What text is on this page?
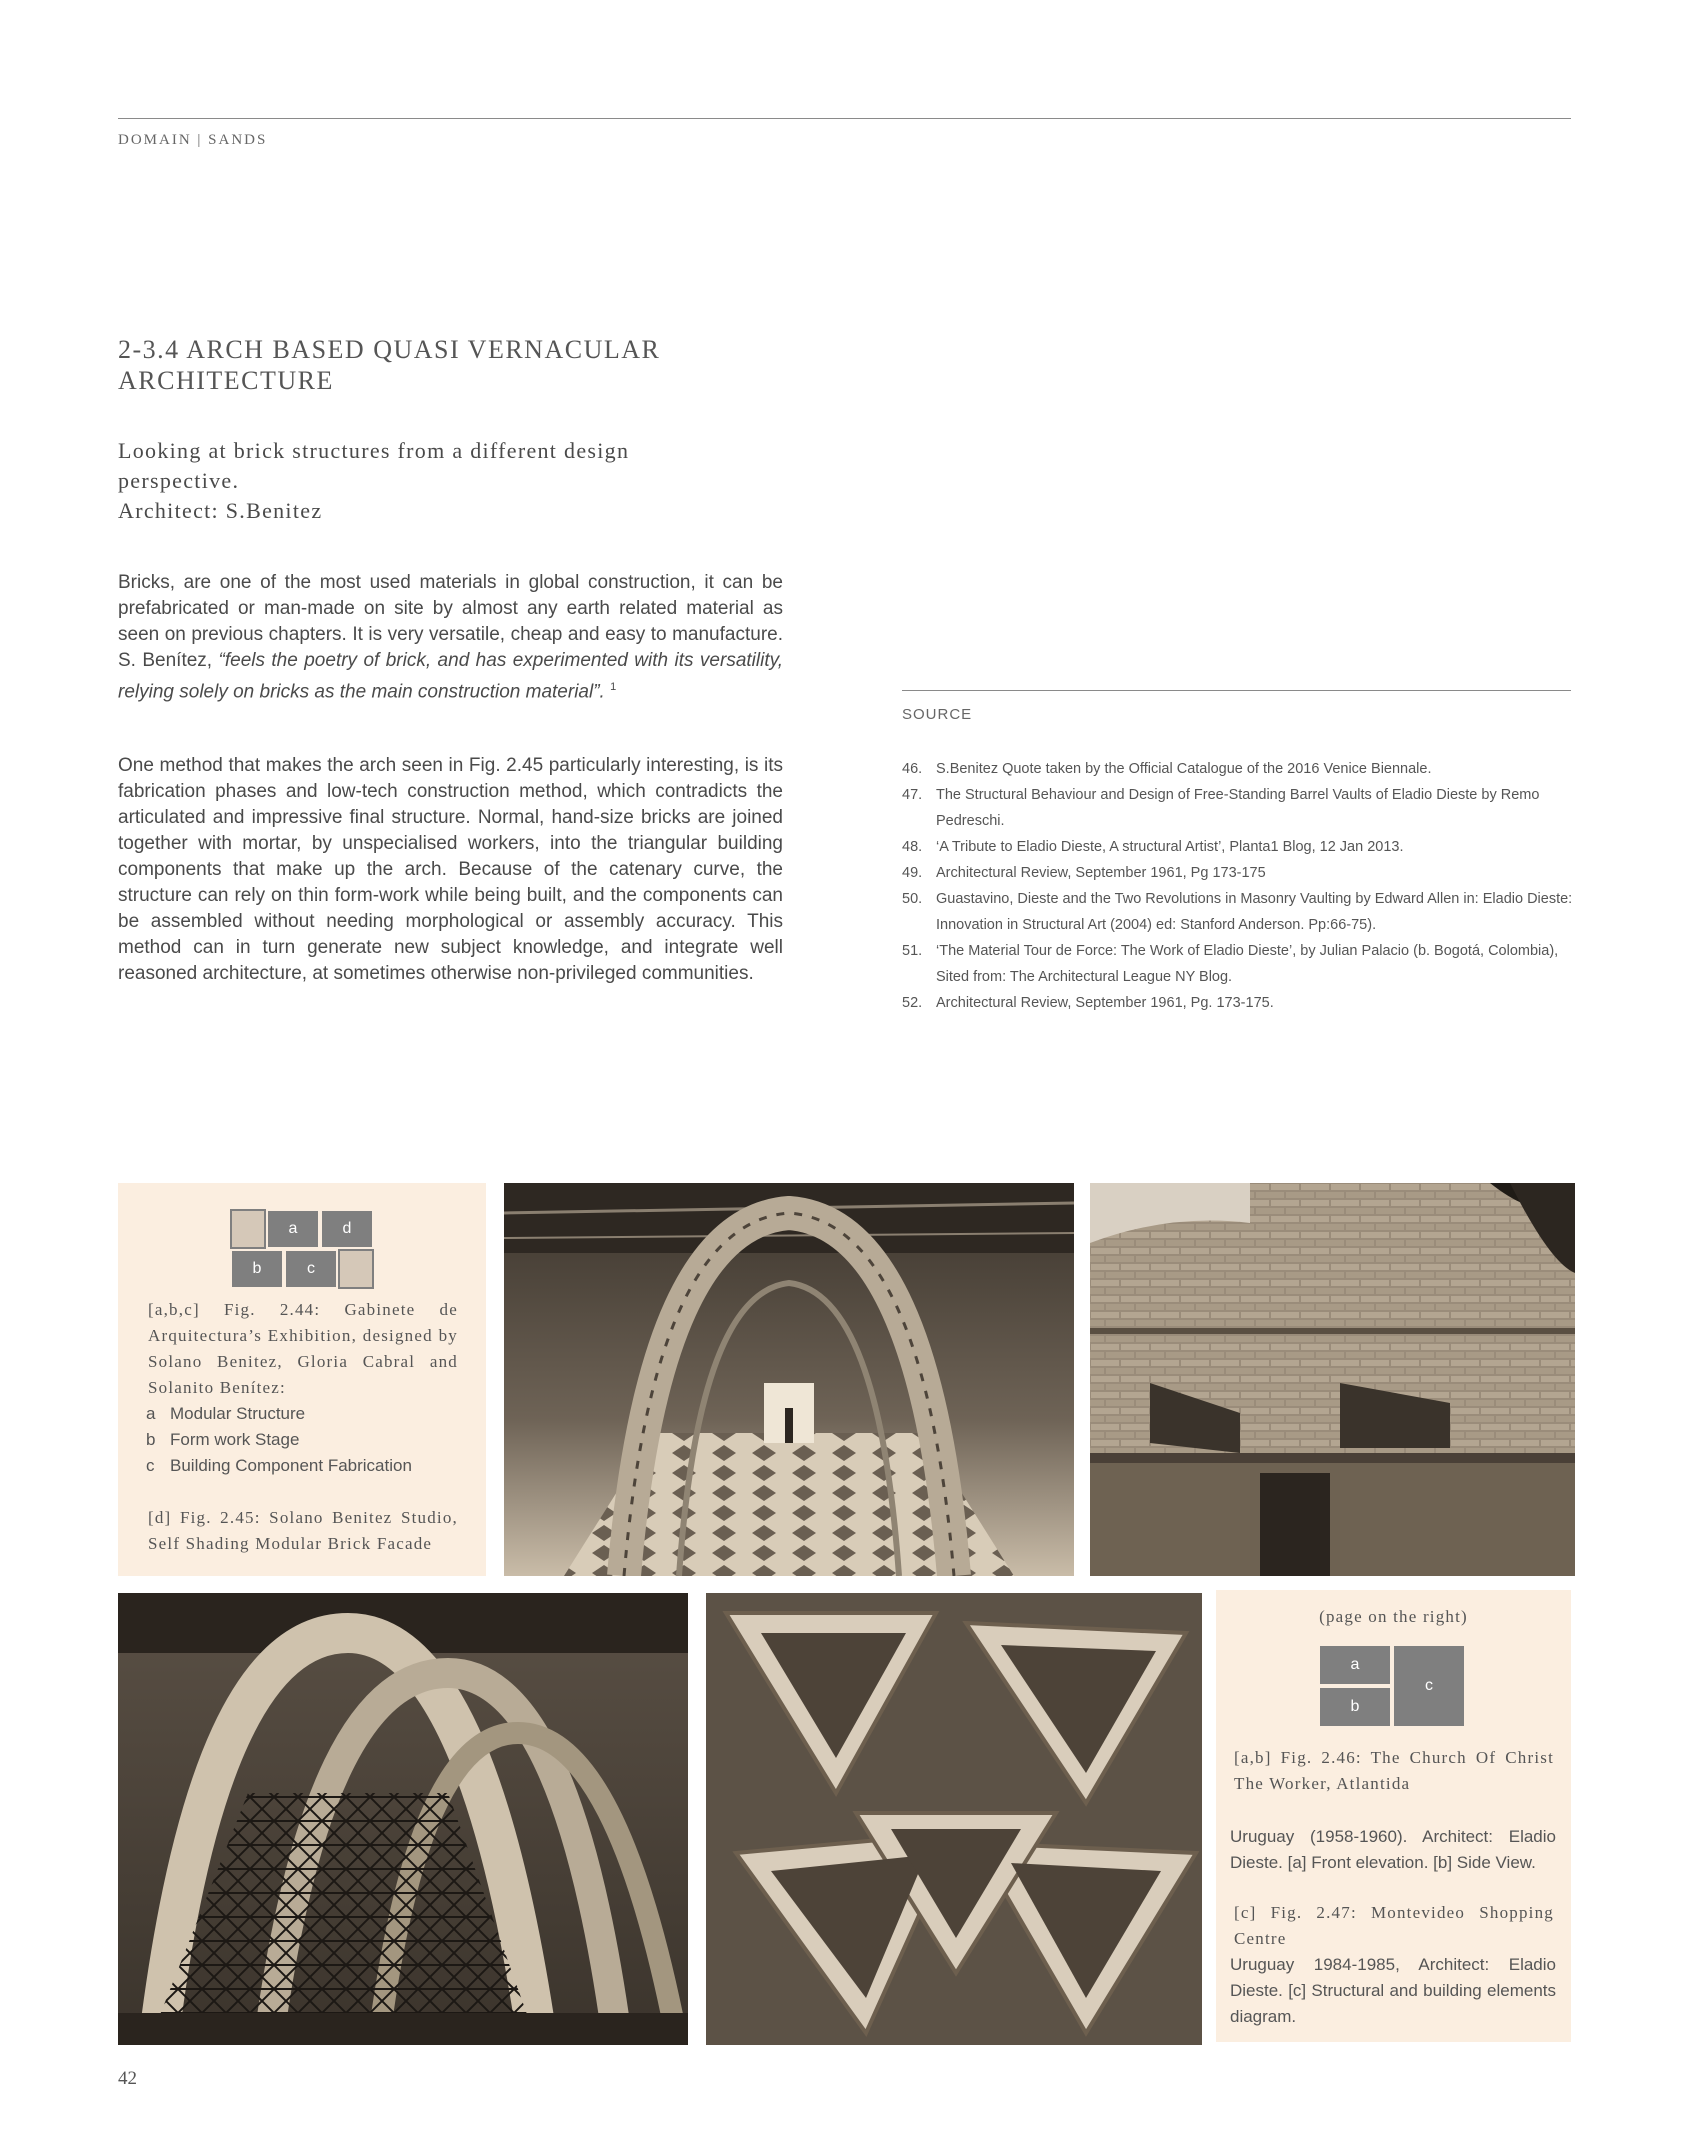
DOMAIN | SANDS
2-3.4 ARCH BASED QUASI VERNACULAR
ARCHITECTURE
Looking at brick structures from a different design
perspective.
Architect: S.Benitez

Bricks, are one of the most used materials in global construction, it can be prefabricated or man-made on site by almost any earth related material as seen on previous chapters. It is very versatile, cheap and easy to manufacture. S. Benítez, “feels the poetry of brick, and has experimented with its versatility, relying solely on bricks as the main construction material”. $^1$

One method that makes the arch seen in Fig. 2.45 particularly interesting, is its fabrication phases and low-tech construction method, which contradicts the articulated and impressive final structure. Normal, hand-size bricks are joined together with mortar, by unspecialised workers, into the triangular building components that make up the arch. Because of the catenary curve, the structure can rely on thin form-work while being built, and the components can be assembled without needing morphological or assembly accuracy. This method can in turn generate new subject knowledge, and integrate well reasoned architecture, at sometimes otherwise non-privileged communities.

SOURCE
46. S.Benitez Quote taken by the Official Catalogue of the 2016 Venice Biennale.
47. The Structural Behaviour and Design of Free-Standing Barrel Vaults of Eladio Dieste by Remo Pedreschi.
48. ‘A Tribute to Eladio Dieste, A structural Artist’, Planta1 Blog, 12 Jan 2013.
49. Architectural Review, September 1961, Pg 173-175
50. Guastavino, Dieste and the Two Revolutions in Masonry Vaulting by Edward Allen in: Eladio Dieste: Innovation in Structural Art (2004) ed: Stanford Anderson. Pp:66-75).
51. ‘The Material Tour de Force: The Work of Eladio Dieste’, by Julian Palacio (b. Bogotá, Colombia), Sited from: The Architectural League NY Blog.
52. Architectural Review, September 1961, Pg. 173-175.
a	d
b	c
[a,b,c] Fig. 2.44: Gabinete de Arquitectura’s Exhibition, designed by Solano Benitez, Gloria Cabral and Solanito Benítez:
a Modular Structure
b Form work Stage
c Building Component Fabrication
[d] Fig. 2.45: Solano Benitez Studio, Self Shading Modular Brick Facade
(page on the right)
a
b
c
[a,b] Fig. 2.46: The Church Of Christ The Worker, Atlantida
Uruguay (1958-1960). Architect: Eladio Dieste. [a] Front elevation. [b] Side View.
[c] Fig. 2.47: Montevideo Shopping Centre
Uruguay 1984-1985, Architect: Eladio Dieste. [c] Structural and building elements diagram.
42
